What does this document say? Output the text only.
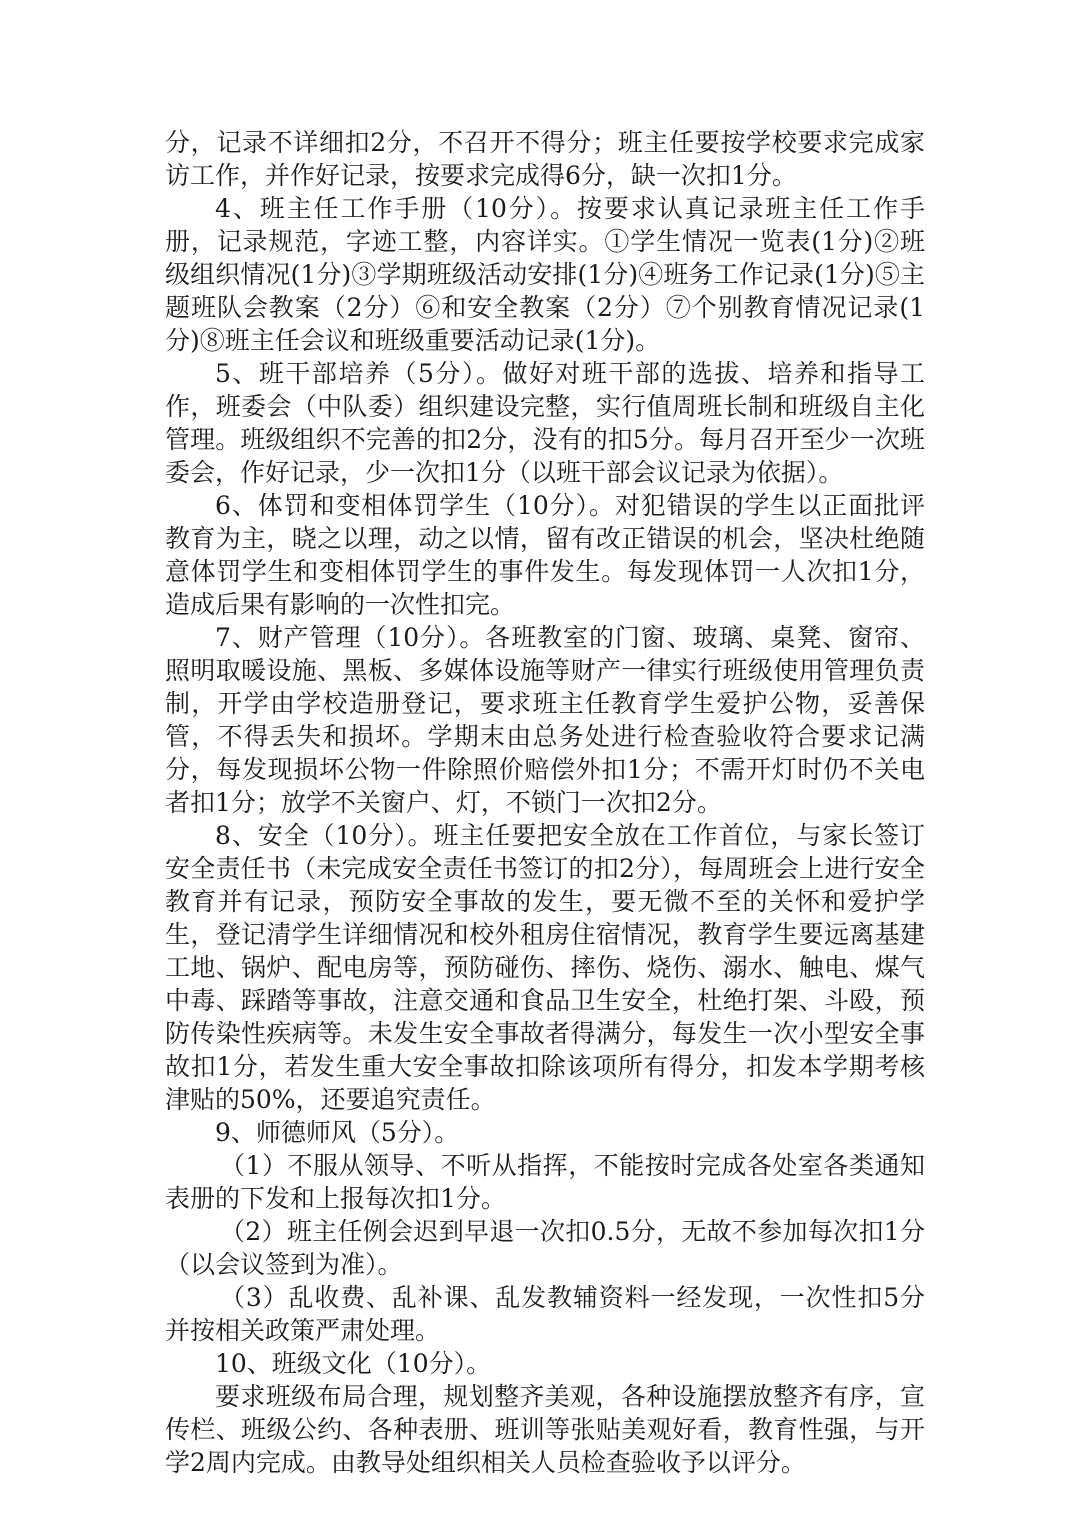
分，记录不详细扣2分，不召开不得分；班主任要按学校要求完成家访工作，并作好记录，按要求完成得6分，缺一次扣1分。

4、班主任工作手册（10分）。按要求认真记录班主任工作手册，记录规范，字迹工整，内容详实。①学生情况一览表(1分)②班级组织情况(1分)③学期班级活动安排(1分)④班务工作记录(1分)⑤主题班队会教案（2分）⑥和安全教案（2分）⑦个别教育情况记录(1分)⑧班主任会议和班级重要活动记录(1分)。

5、班干部培养（5分）。做好对班干部的选拔、培养和指导工作，班委会（中队委）组织建设完整，实行值周班长制和班级自主化管理。班级组织不完善的扣2分，没有的扣5分。每月召开至少一次班委会，作好记录，少一次扣1分（以班干部会议记录为依据）。

6、体罚和变相体罚学生（10分）。对犯错误的学生以正面批评教育为主，晓之以理，动之以情，留有改正错误的机会，坚决杜绝随意体罚学生和变相体罚学生的事件发生。每发现体罚一人次扣1分，造成后果有影响的一次性扣完。

7、财产管理（10分）。各班教室的门窗、玻璃、桌凳、窗帘、照明取暖设施、黑板、多媒体设施等财产一律实行班级使用管理负责制，开学由学校造册登记，要求班主任教育学生爱护公物，妥善保管，不得丢失和损坏。学期末由总务处进行检查验收符合要求记满分，每发现损坏公物一件除照价赔偿外扣1分；不需开灯时仍不关电者扣1分；放学不关窗户、灯，不锁门一次扣2分。

8、安全（10分）。班主任要把安全放在工作首位，与家长签订安全责任书（未完成安全责任书签订的扣2分），每周班会上进行安全教育并有记录，预防安全事故的发生，要无微不至的关怀和爱护学生，登记清学生详细情况和校外租房住宿情况，教育学生要远离基建工地、锅炉、配电房等，预防碰伤、摔伤、烧伤、溺水、触电、煤气中毒、踩踏等事故，注意交通和食品卫生安全，杜绝打架、斗殴，预防传染性疾病等。未发生安全事故者得满分，每发生一次小型安全事故扣1分，若发生重大安全事故扣除该项所有得分，扣发本学期考核津贴的50%，还要追究责任。

9、师德师风（5分）。

（1）不服从领导、不听从指挥，不能按时完成各处室各类通知表册的下发和上报每次扣1分。

（2）班主任例会迟到早退一次扣0.5分，无故不参加每次扣1分（以会议签到为准）。

（3）乱收费、乱补课、乱发教辅资料一经发现，一次性扣5分并按相关政策严肃处理。

10、班级文化（10分）。

要求班级布局合理，规划整齐美观，各种设施摆放整齐有序，宣传栏、班级公约、各种表册、班训等张贴美观好看，教育性强，与开学2周内完成。由教导处组织相关人员检查验收予以评分。
